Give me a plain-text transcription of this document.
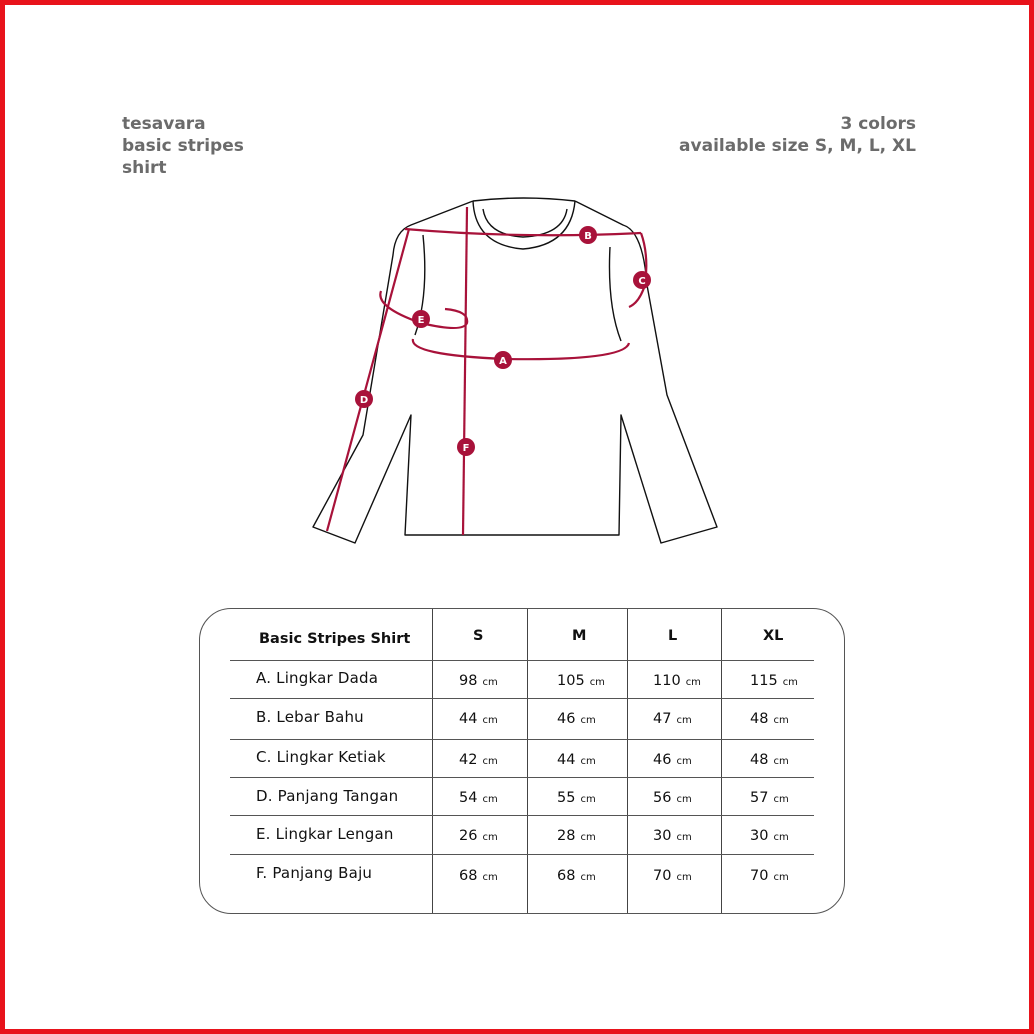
tesavara
basic stripes
shirt
3 colors
available size S, M, L, XL
A
B
C
D
E
F
Basic Stripes Shirt	S	M	L	XL
A. Lingkar Dada	98 cm	105 cm	110 cm	115 cm
B. Lebar Bahu	44 cm	46 cm	47 cm	48 cm
C. Lingkar Ketiak	42 cm	44 cm	46 cm	48 cm
D. Panjang Tangan	54 cm	55 cm	56 cm	57 cm
E. Lingkar Lengan	26 cm	28 cm	30 cm	30 cm
F. Panjang Baju	68 cm	68 cm	70 cm	70 cm
